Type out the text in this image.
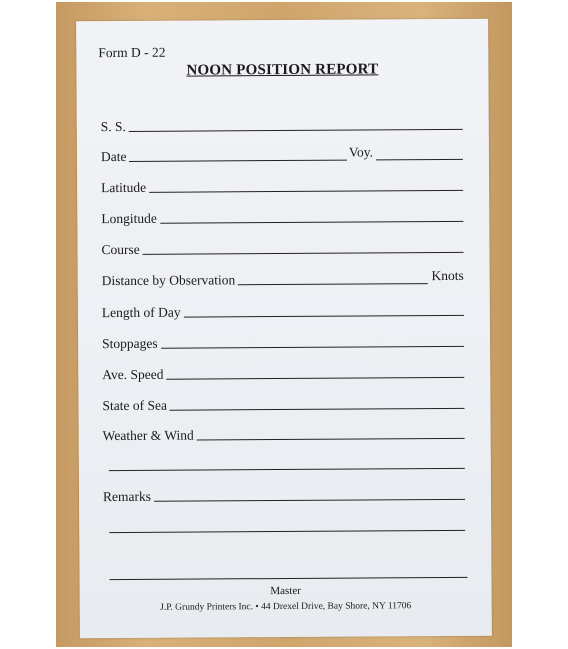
Form D - 22
NOON POSITION REPORT
S. S.
Date	Voy.
Latitude
Longitude
Course
Distance by Observation	Knots
Length of Day
Stoppages
Ave. Speed
State of Sea
Weather & Wind
Remarks
Master
J.P. Grundy Printers Inc. • 44 Drexel Drive, Bay Shore, NY 11706
